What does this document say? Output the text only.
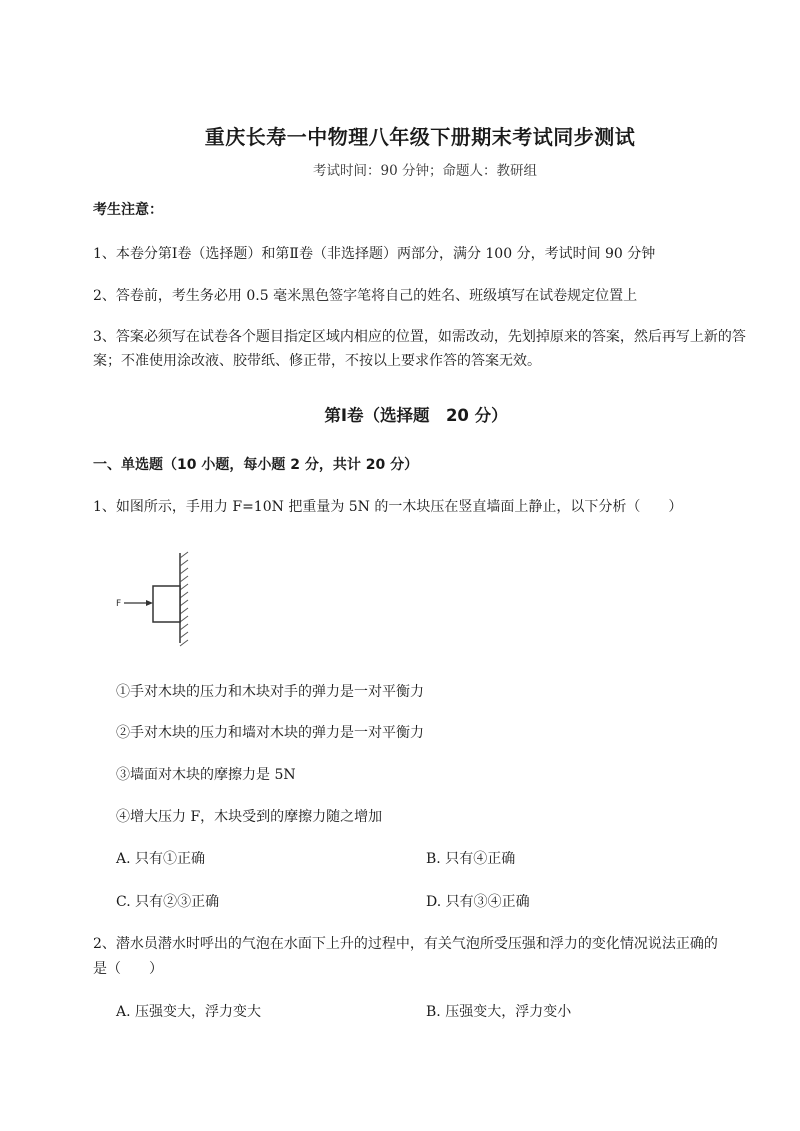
重庆长寿一中物理八年级下册期末考试同步测试
考试时间：90 分钟；命题人：教研组
考生注意：
1、本卷分第Ⅰ卷（选择题）和第Ⅱ卷（非选择题）两部分，满分 100 分，考试时间 90 分钟
2、答卷前，考生务必用 0.5 毫米黑色签字笔将自己的姓名、班级填写在试卷规定位置上
3、答案必须写在试卷各个题目指定区域内相应的位置，如需改动，先划掉原来的答案，然后再写上新的答案；不准使用涂改液、胶带纸、修正带，不按以上要求作答的答案无效。
第Ⅰ卷（选择题　20 分）
一、单选题（10 小题，每小题 2 分，共计 20 分）
1、如图所示，手用力 F=10N 把重量为 5N 的一木块压在竖直墙面上静止，以下分析（　　）
F
①手对木块的压力和木块对手的弹力是一对平衡力
②手对木块的压力和墙对木块的弹力是一对平衡力
③墙面对木块的摩擦力是 5N
④增大压力 F，木块受到的摩擦力随之增加
A. 只有①正确	B. 只有④正确
C. 只有②③正确	D. 只有③④正确
2、潜水员潜水时呼出的气泡在水面下上升的过程中，有关气泡所受压强和浮力的变化情况说法正确的
是（　　）
A. 压强变大，浮力变大	B. 压强变大，浮力变小
